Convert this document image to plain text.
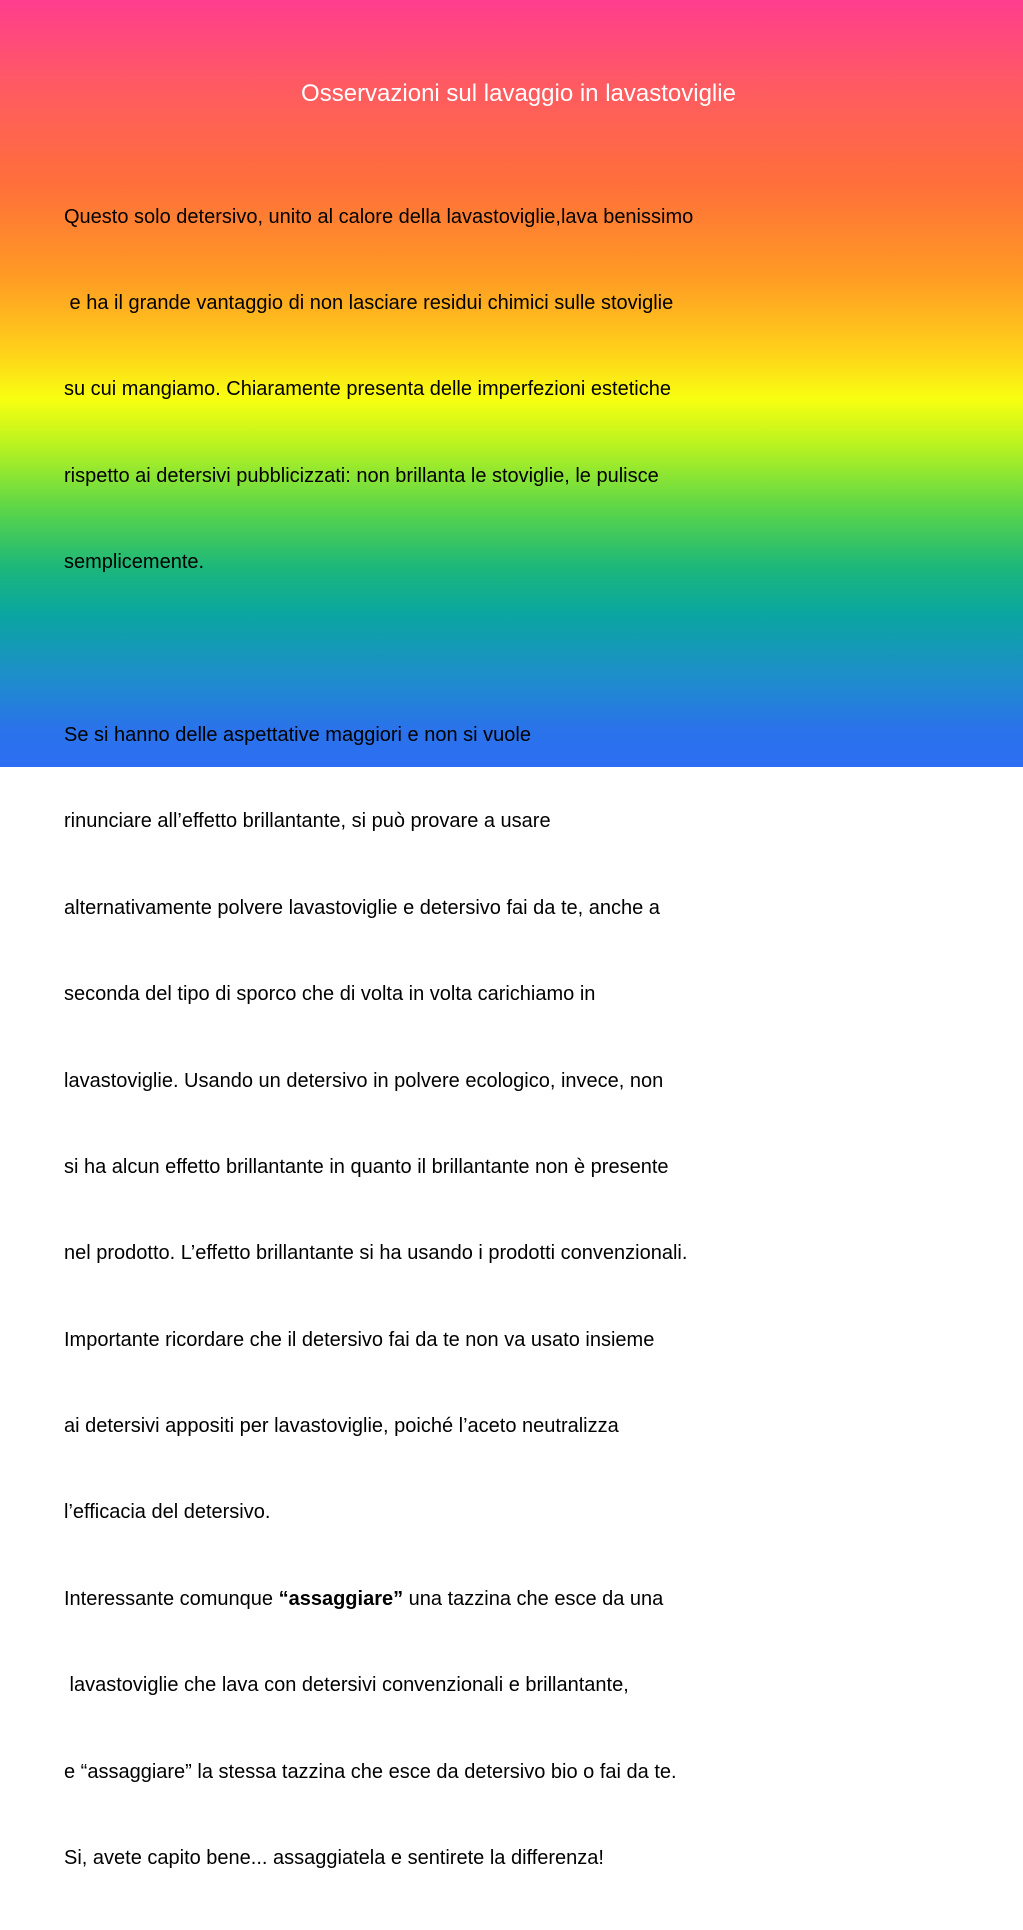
Osservazioni sul lavaggio in lavastoviglie

Questo solo detersivo, unito al calore della lavastoviglie,lava benissimo

e ha il grande vantaggio di non lasciare residui chimici sulle stoviglie

su cui mangiamo. Chiaramente presenta delle imperfezioni estetiche

rispetto ai detersivi pubblicizzati: non brillanta le stoviglie, le pulisce

semplicemente.

Se si hanno delle aspettative maggiori e non si vuole

rinunciare all’effetto brillantante, si può provare a usare

alternativamente polvere lavastoviglie e detersivo fai da te, anche a

seconda del tipo di sporco che di volta in volta carichiamo in

lavastoviglie. Usando un detersivo in polvere ecologico, invece, non

si ha alcun effetto brillantante in quanto il brillantante non è presente

nel prodotto. L’effetto brillantante si ha usando i prodotti convenzionali.

Importante ricordare che il detersivo fai da te non va usato insieme

ai detersivi appositi per lavastoviglie, poiché l’aceto neutralizza

l’efficacia del detersivo.

Interessante comunque “assaggiare” una tazzina che esce da una

lavastoviglie che lava con detersivi convenzionali e brillantante,

e “assaggiare” la stessa tazzina che esce da detersivo bio o fai da te.

Si, avete capito bene... assaggiatela e sentirete la differenza!
